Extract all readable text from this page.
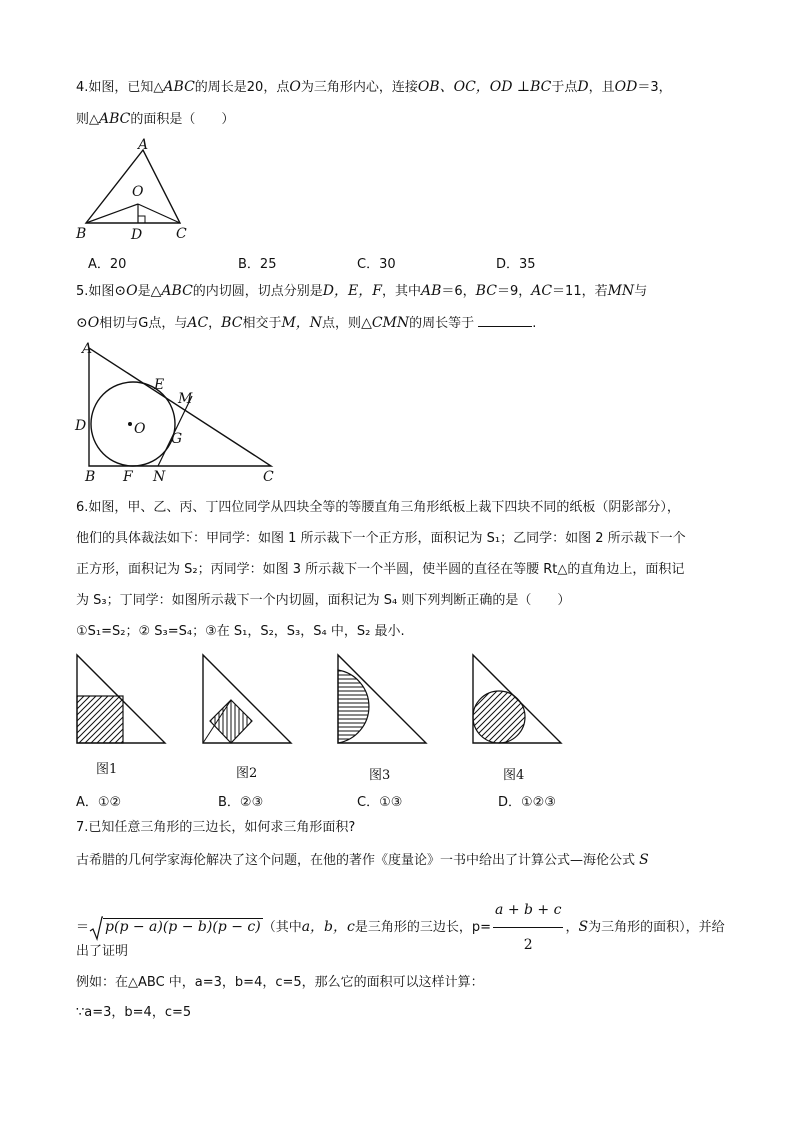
4.如图，已知△ABC的周长是20，点O为三角形内心，连接OB、OC，OD ⊥BC于点D，且OD＝3，
则△ABC的面积是（　　）
A
O
B	D C
A．20	B．25	C．30	D．35
5.如图⊙O是△ABC的内切圆，切点分别是D，E，F，其中AB＝6，BC＝9，AC＝11，若MN与
⊙O相切与G点，与AC，BC相交于M，N点，则△CMN的周长等于	.
A
E
M
D	O
G
B F N	C
6.如图，甲、乙、丙、丁四位同学从四块全等的等腰直角三角形纸板上裁下四块不同的纸板（阴影部分），
他们的具体裁法如下：甲同学：如图 1 所示裁下一个正方形，面积记为 S₁；乙同学：如图 2 所示裁下一个
正方形，面积记为 S₂；丙同学：如图 3 所示裁下一个半圆，使半圆的直径在等腰 Rt△的直角边上，面积记
为 S₃；丁同学：如图所示裁下一个内切圆，面积记为 S₄ 则下列判断正确的是（　　）
①S₁=S₂；② S₃=S₄；③在 S₁，S₂，S₃，S₄ 中，S₂ 最小.
图1	图2	图3	图4
A．①②	B．②③	C．①③	D．①②③
7.已知任意三角形的三边长，如何求三角形面积?
古希腊的几何学家海伦解决了这个问题，在他的著作《度量论》一书中给出了计算公式—海伦公式 S
＝ p(p − a)(p − b)(p − c) （其中a，b，c是三角形的三边长，$p= \frac{a + b + c}{2}$ ，S为三角形的面积），并给
出了证明
例如：在△ABC 中，a=3，b=4，c=5，那么它的面积可以这样计算：
∵a=3，b=4，c=5
